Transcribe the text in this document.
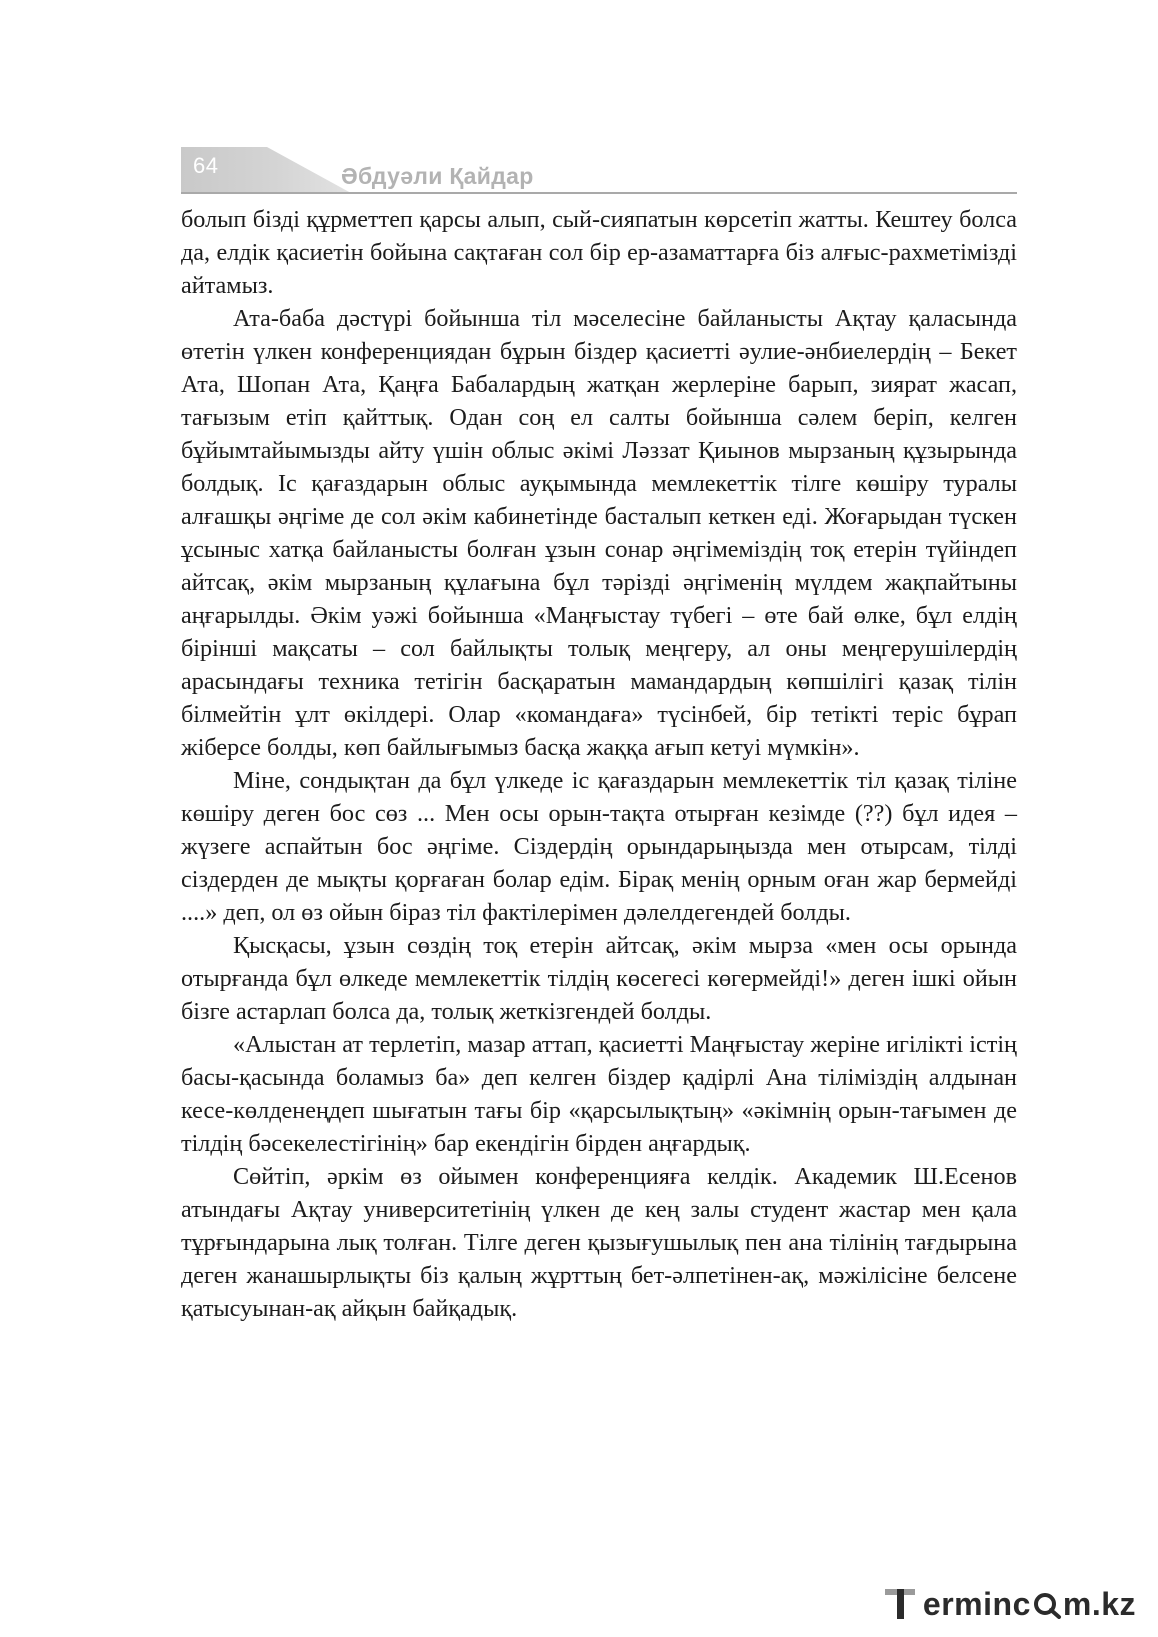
64	Әбдуәли Қайдар

болып бізді құрметтеп қарсы алып, сый-сияпатын көрсетіп жатты. Кештеу болса да, елдік қасиетін бойына сақтаған сол бір ер-азаматтарға біз алғыс-рахметімізді айтамыз.

Ата-баба дәстүрі бойынша тіл мәселесіне байланысты Ақтау қаласында өтетін үлкен конференциядан бұрын біздер қасиетті әулие-әнбиелердің – Бекет Ата, Шопан Ата, Қаңға Бабалардың жатқан жерлеріне барып, зиярат жасап, тағызым етіп қайттық. Одан соң ел салты бойынша сәлем беріп, келген бұйымтайымызды айту үшін облыс әкімі Ләззат Қиынов мырзаның құзырында болдық. Іс қағаздарын облыс ауқымында мемлекеттік тілге көшіру туралы алғашқы әңгіме де сол әкім кабинетінде басталып кеткен еді. Жоғарыдан түскен ұсыныс хатқа байланысты болған ұзын сонар әңгімеміздің тоқ етерін түйіндеп айтсақ, әкім мырзаның құлағына бұл тәрізді әңгіменің мүлдем жақпайтыны аңғарылды. Әкім уәжі бойынша «Маңғыстау түбегі – өте бай өлке, бұл елдің бірінші мақсаты – сол байлықты толық меңгеру, ал оны меңгерушілердің арасындағы техника тетігін басқаратын мамандардың көпшілігі қазақ тілін білмейтін ұлт өкілдері. Олар «командаға» түсінбей, бір тетікті теріс бұрап жіберсе болды, көп байлығымыз басқа жаққа ағып кетуі мүмкін».

Міне, сондықтан да бұл үлкеде іс қағаздарын мемлекеттік тіл қазақ тіліне көшіру деген бос сөз ... Мен осы орын-тақта отырған кезімде (??) бұл идея – жүзеге аспайтын бос әңгіме. Сіздердің орындарыңызда мен отырсам, тілді сіздерден де мықты қорғаған болар едім. Бірақ менің орным оған жар бермейді ....» деп, ол өз ойын біраз тіл фактілерімен дәлелдегендей болды.

Қысқасы, ұзын сөздің тоқ етерін айтсақ, әкім мырза «мен осы орында отырғанда бұл өлкеде мемлекеттік тілдің көсегесі көгермейді!» деген ішкі ойын бізге астарлап болса да, толық жеткізгендей болды.

«Алыстан ат терлетіп, мазар аттап, қасиетті Маңғыстау жеріне игілікті істің басы-қасында боламыз ба» деп келген біздер қадірлі Ана тіліміздің алдынан кесе-көлденеңдеп шығатын тағы бір «қарсылықтың» «әкімнің орын-тағымен де тілдің бәсекелестігінің» бар екендігін бірден аңғардық.

Сөйтіп, әркім өз ойымен конференцияға келдік. Академик Ш.Есенов атындағы Ақтау университетінің үлкен де кең залы студент жастар мен қала тұрғындарына лық толған. Тілге деген қызығушылық пен ана тілінің тағдырына деген жанашырлықты біз қалың жұрттың бет-әлпетінен-ақ, мәжілісіне белсене қатысуынан-ақ айқын байқадық.

erminc m.kz
